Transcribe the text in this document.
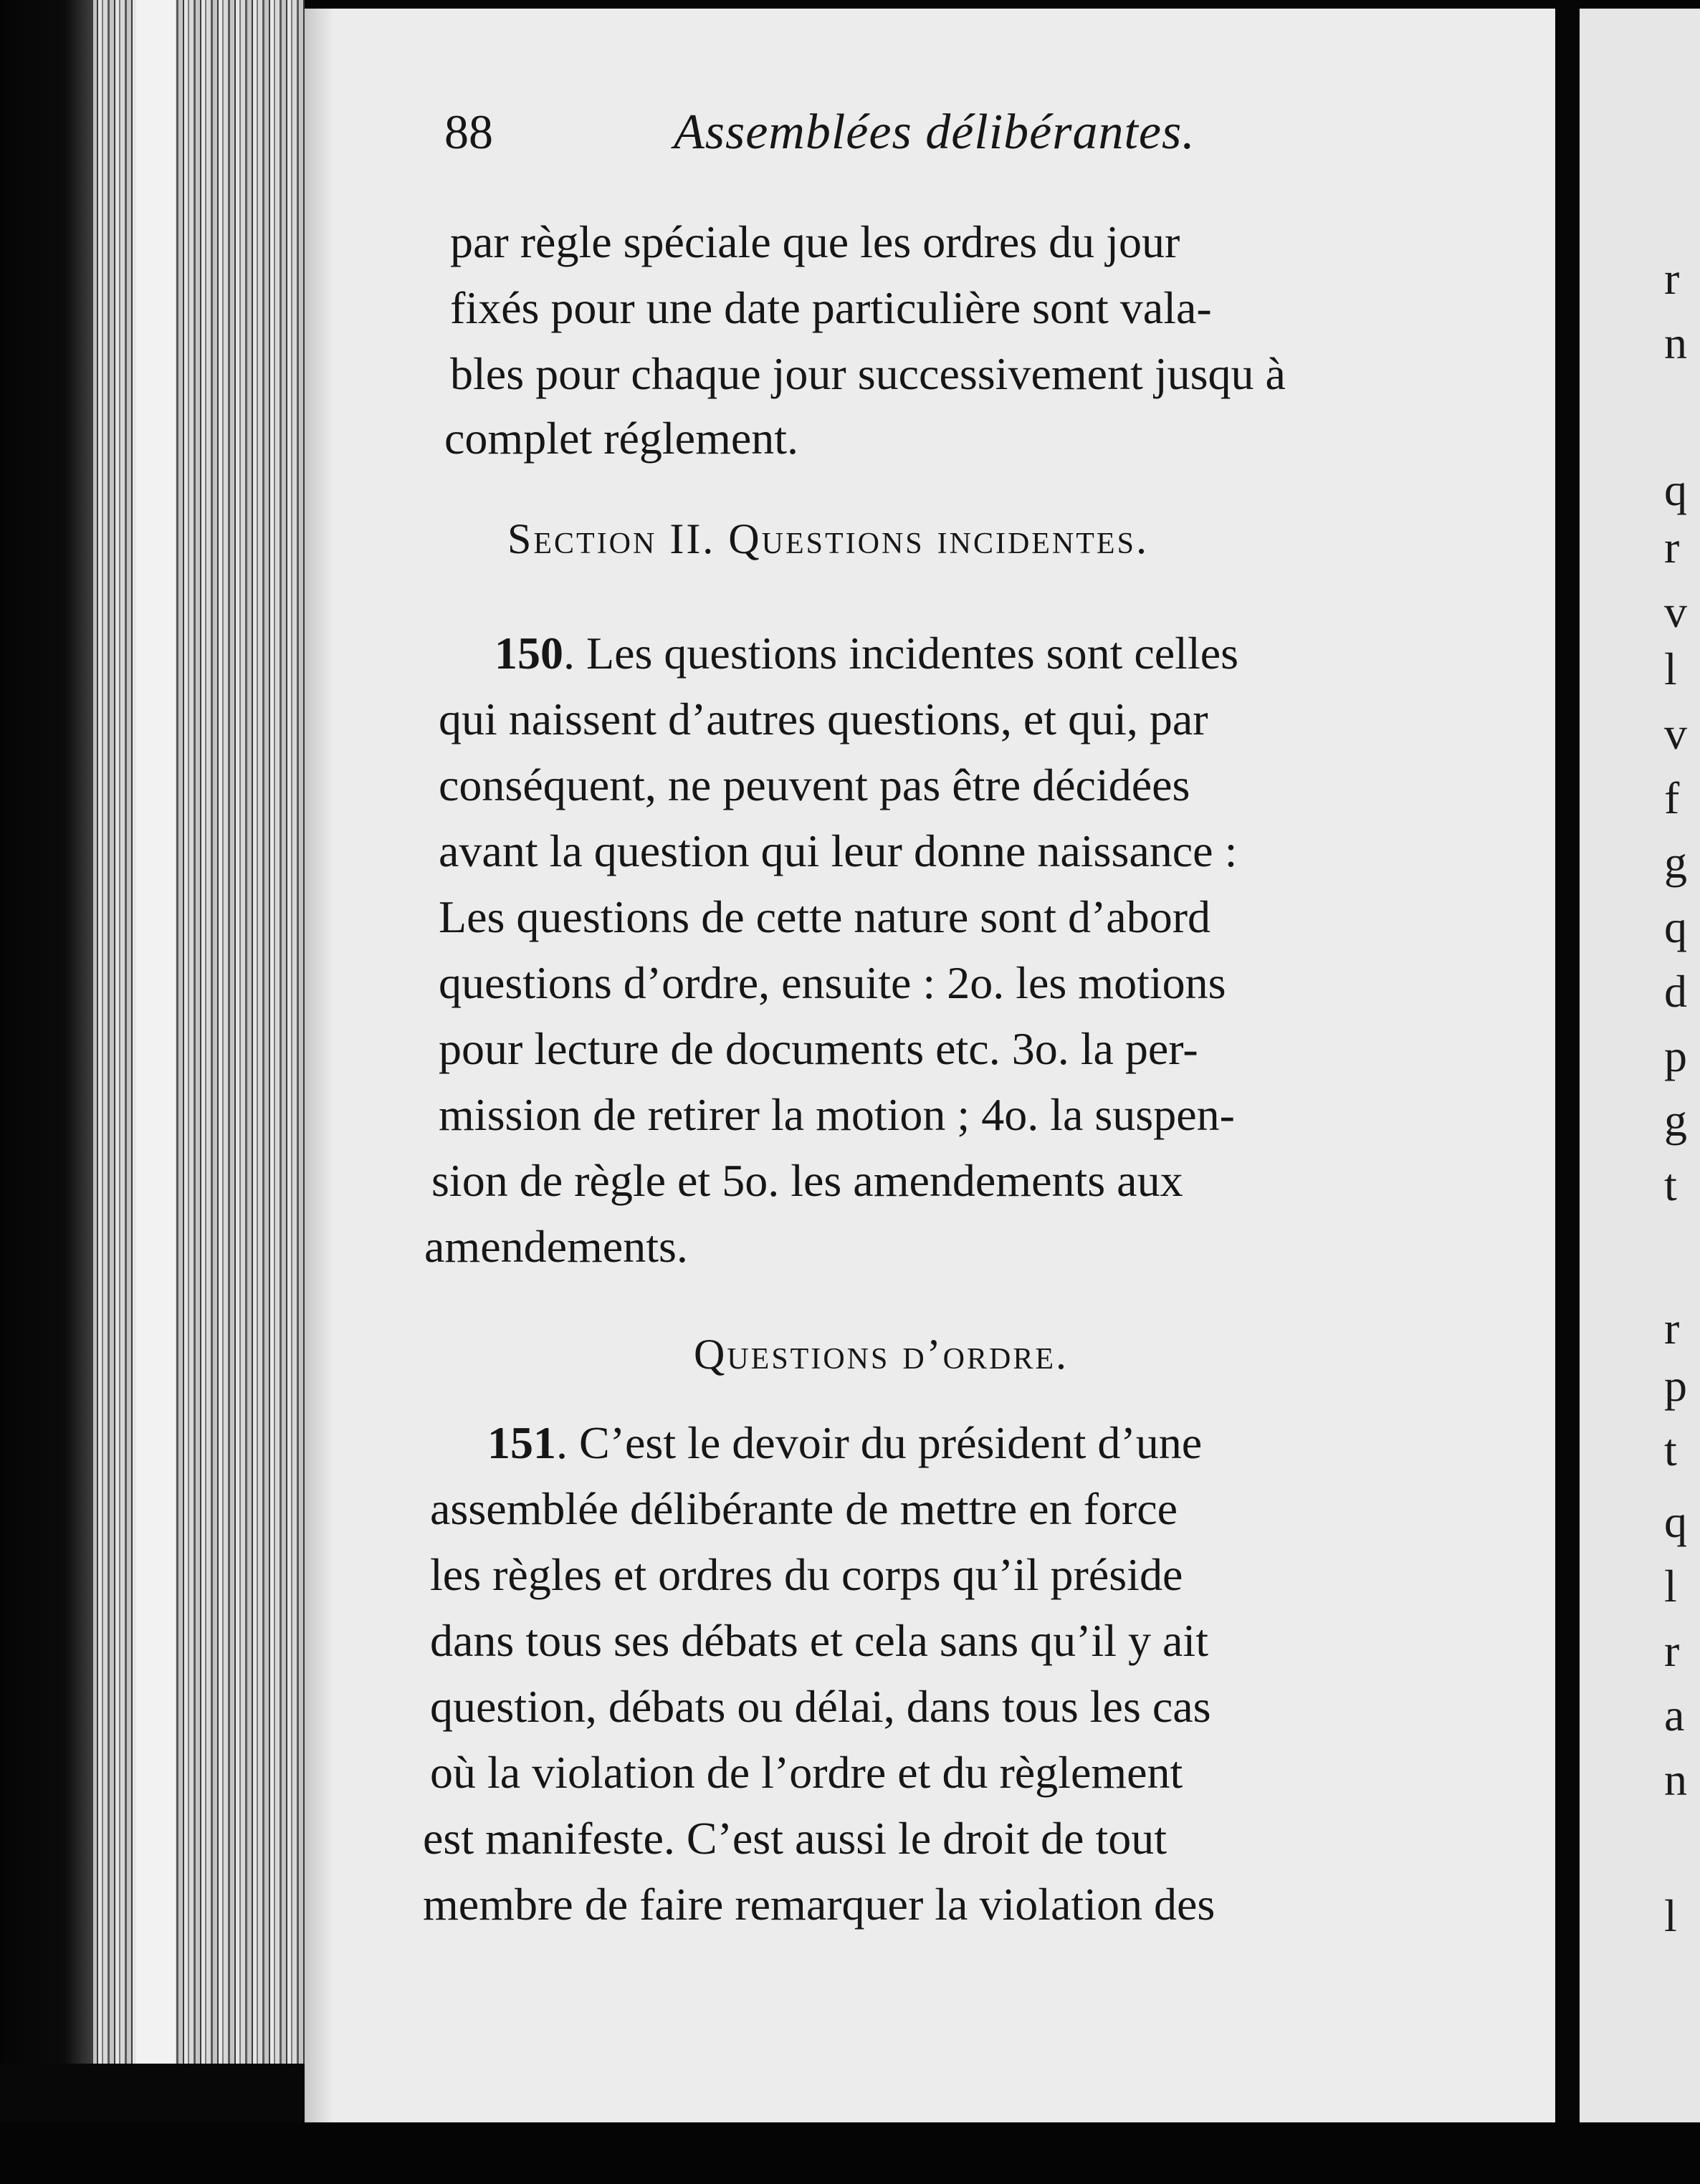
r
n
q
r
v
l
v
f
g
q
d
p
g
t
r
p
t
q
l
r
a
n
l
88	Assemblées délibérantes.
par règle spéciale que les ordres du jour
fixés pour une date particulière sont vala-
bles pour chaque jour successivement jusqu à
complet réglement.
Section II. Questions incidentes.
150. Les questions incidentes sont celles
qui naissent d’autres questions, et qui, par
conséquent, ne peuvent pas être décidées
avant la question qui leur donne naissance :
Les questions de cette nature sont d’abord
questions d’ordre, ensuite : 2o. les motions
pour lecture de documents etc. 3o. la per-
mission de retirer la motion ; 4o. la suspen-
sion de règle et 5o. les amendements aux
amendements.
Questions d’ordre.
151. C’est le devoir du président d’une
assemblée délibérante de mettre en force
les règles et ordres du corps qu’il préside
dans tous ses débats et cela sans qu’il y ait
question, débats ou délai, dans tous les cas
où la violation de l’ordre et du règlement
est manifeste. C’est aussi le droit de tout
membre de faire remarquer la violation des
